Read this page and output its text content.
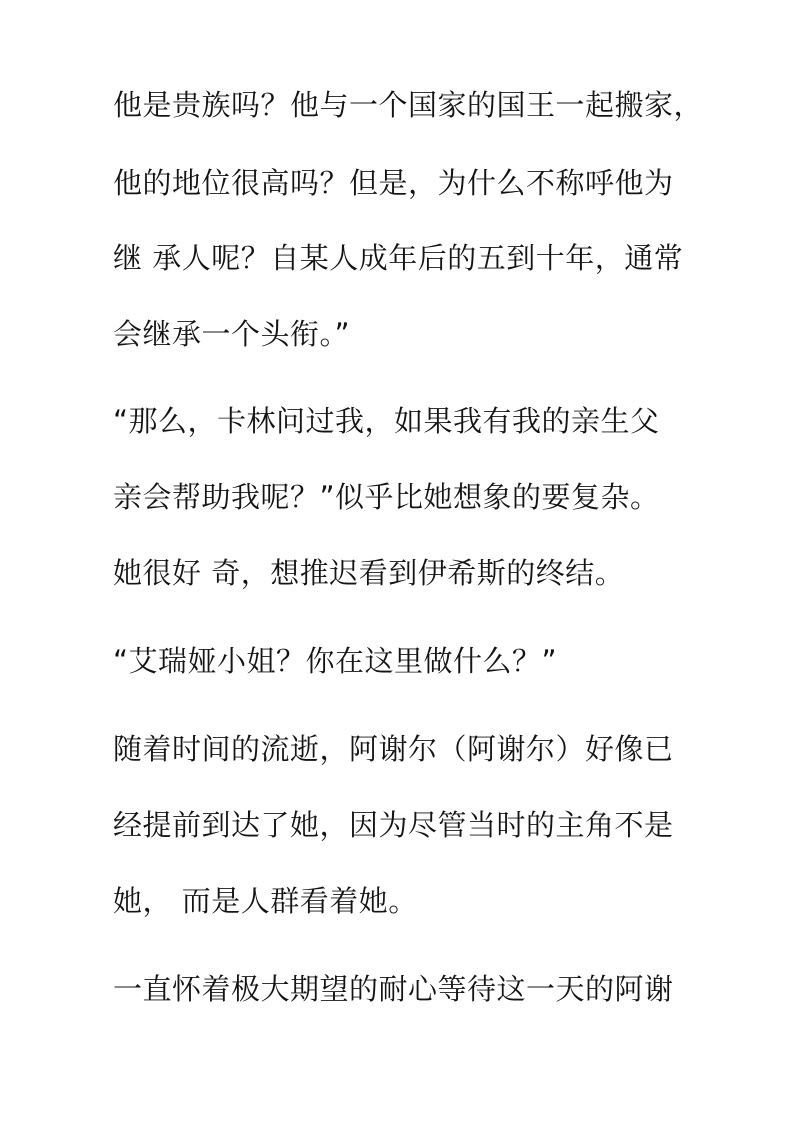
他是贵族吗？他与一个国家的国王一起搬家，
他的地位很高吗？但是，为什么不称呼他为
继 承人呢？自某人成年后的五到十年，通常
会继承一个头衔。”
“那么，卡林问过我，如果我有我的亲生父
亲会帮助我呢？”似乎比她想象的要复杂。
她很好 奇，想推迟看到伊希斯的终结。
“艾瑞娅小姐？你在这里做什么？”
随着时间的流逝，阿谢尔（阿谢尔）好像已
经提前到达了她，因为尽管当时的主角不是
她， 而是人群看着她。
一直怀着极大期望的耐心等待这一天的阿谢
